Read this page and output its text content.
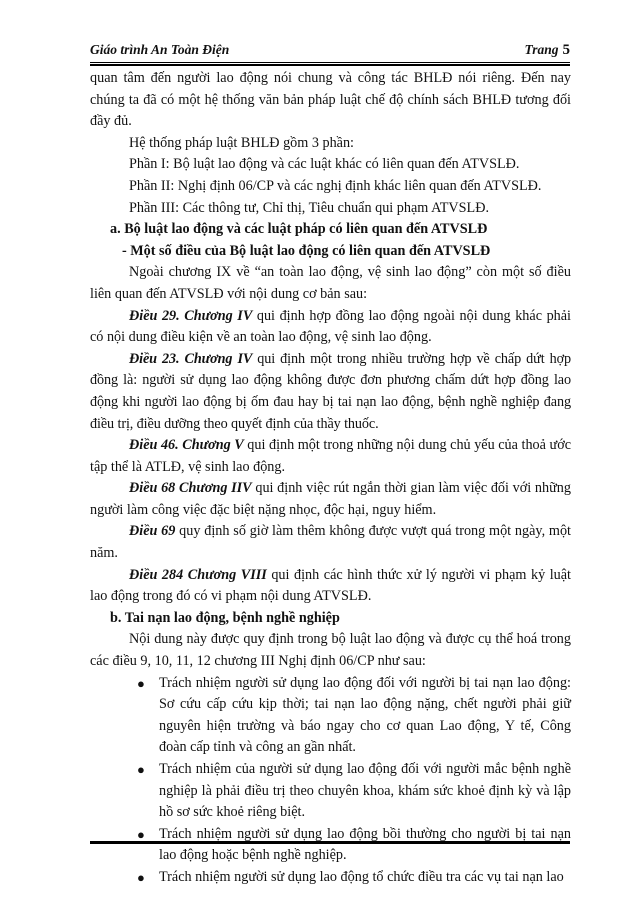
Giáo trình An Toàn Điện	Trang 5

quan tâm đến người lao động nói chung và công tác BHLĐ nói riêng. Đến nay chúng ta đã có một hệ thống văn bản pháp luật chế độ chính sách BHLĐ tương đối đầy đủ.

Hệ thống pháp luật BHLĐ gồm 3 phần:

Phần I: Bộ luật lao động và các luật khác có liên quan đến ATVSLĐ.

Phần II: Nghị định 06/CP và các nghị định khác liên quan đến ATVSLĐ.

Phần III: Các thông tư, Chỉ thị, Tiêu chuẩn qui phạm ATVSLĐ.

a. Bộ luật lao động và các luật pháp có liên quan đến ATVSLĐ

- Một số điều của Bộ luật lao động có liên quan đến ATVSLĐ

Ngoài chương IX về “an toàn lao động, vệ sinh lao động” còn một số điều liên quan đến ATVSLĐ với nội dung cơ bản sau:

Điều 29. Chương IV qui định hợp đồng lao động ngoài nội dung khác phải có nội dung điều kiện về an toàn lao động, vệ sinh lao động.

Điều 23. Chương IV qui định một trong nhiều trường hợp về chấp dứt hợp đồng là: người sử dụng lao động không được đơn phương chấm dứt hợp đồng lao động khi người lao động bị ốm đau hay bị tai nạn lao động, bệnh nghề nghiệp đang điều trị, điều dưỡng theo quyết định của thầy thuốc.

Điều 46. Chương V qui định một trong những nội dung chủ yếu của thoả ước tập thể là ATLĐ, vệ sinh lao động.

Điều 68 Chương IIV qui định việc rút ngắn thời gian làm việc đối với những người làm công việc đặc biệt nặng nhọc, độc hại, nguy hiểm.

Điều 69 quy định số giờ làm thêm không được vượt quá trong một ngày, một năm.

Điều 284 Chương VIII qui định các hình thức xử lý người vi phạm kỷ luật lao động trong đó có vi phạm nội dung ATVSLĐ.

b. Tai nạn lao động, bệnh nghề nghiệp

Nội dung này được quy định trong bộ luật lao động và được cụ thể hoá trong các điều 9, 10, 11, 12 chương III Nghị định 06/CP như sau:

● Trách nhiệm người sử dụng lao động đối với người bị tai nạn lao động: Sơ cứu cấp cứu kịp thời; tai nạn lao động nặng, chết người phải giữ nguyên hiện trường và báo ngay cho cơ quan Lao động, Y tế, Công đoàn cấp tỉnh và công an gần nhất.
● Trách nhiệm của người sử dụng lao động đối với người mắc bệnh nghề nghiệp là phải điều trị theo chuyên khoa, khám sức khoẻ định kỳ và lập hồ sơ sức khoẻ riêng biệt.
● Trách nhiệm người sử dụng lao động bồi thường cho người bị tai nạn lao động hoặc bệnh nghề nghiệp.
● Trách nhiệm người sử dụng lao động tổ chức điều tra các vụ tai nạn lao
